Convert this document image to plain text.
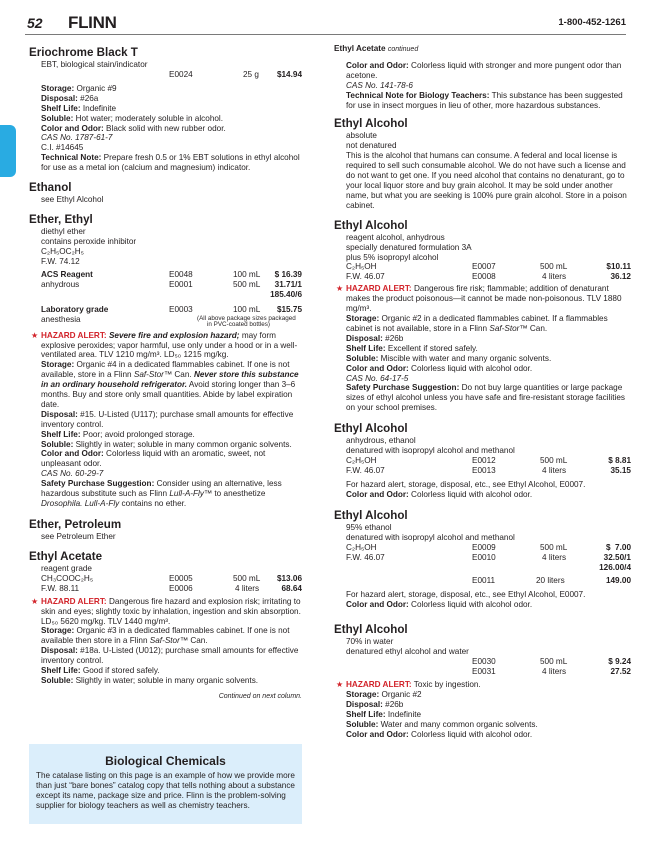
52 FLINN	1-800-452-1261
Eriochrome Black T
EBT, biological stain/indicator
E0024	25 g $14.94
Storage: Organic #9
Disposal: #26a
Shelf Life: Indefinite
Soluble: Hot water; moderately soluble in alcohol.
Color and Odor: Black solid with new rubber odor.
CAS No. 1787-61-7
C.I. #14645
Technical Note: Prepare fresh 0.5 or 1% EBT solutions in ethyl alcohol for use as a metal ion (calcium and magnesium) indicator.
Ethanol
see Ethyl Alcohol
Ether, Ethyl
diethyl ether
contains peroxide inhibitor
C₂H₅OC₂H₅
F.W. 74.12
ACS Reagent	E0048	100 mL $ 16.39
anhydrous	E0001	500 mL 31.71/1
185.40/6
Laboratory grade	E0003	100 mL $15.75
anesthesia	(All above package sizes packaged
in PVC-coated bottles)
★ HAZARD ALERT: Severe fire and explosion hazard; may form explosive peroxides; vapor harmful, use only under a hood or in a well-ventilated area. TLV 1210 mg/m³. LD₅₀ 1215 mg/kg.
Storage: Organic #4 in a dedicated flammables cabinet. If one is not available, store in a Flinn Saf-Stor™ Can. Never store this substance in an ordinary household refrigerator. Avoid storing longer than 3–6 months. Buy and store only small quantities. Abide by label expiration date.
Disposal: #15. U-Listed (U117); purchase small amounts for effective inventory control.
Shelf Life: Poor; avoid prolonged storage.
Soluble: Slightly in water; soluble in many common organic solvents.
Color and Odor: Colorless liquid with an aromatic, sweet, not unpleasant odor.
CAS No. 60-29-7
Safety Purchase Suggestion: Consider using an alternative, less hazardous substitute such as Flinn Lull-A-Fly™ to anesthetize Drosophila. Lull-A-Fly contains no ether.
Ether, Petroleum
see Petroleum Ether
Ethyl Acetate
reagent grade
CH₃COOC₂H₅	E0005	500 mL $13.06
F.W. 88.11	E0006	4 liters	68.64
★ HAZARD ALERT: Dangerous fire hazard and explosion risk; irritating to skin and eyes; slightly toxic by inhalation, ingestion and skin absorption. LD₅₀ 5620 mg/kg. TLV 1440 mg/m³.
Storage: Organic #3 in a dedicated flammables cabinet. If one is not available then store in a Flinn Saf-Stor™ Can.
Disposal: #18a. U-Listed (U012); purchase small amounts for effective inventory control.
Shelf Life: Good if stored safely.
Soluble: Slightly in water; soluble in many organic solvents.
Continued on next column.
Biological Chemicals
The catalase listing on this page is an example of how we provide more than just “bare bones” catalog copy that tells nothing about a substance except its name, package size and price. Flinn is the problem-solving supplier for biology teachers as well as chemistry teachers.
Ethyl Acetate continued
Color and Odor: Colorless liquid with stronger and more pungent odor than acetone.
CAS No. 141-78-6
Technical Note for Biology Teachers: This substance has been suggested for use in insect morgues in lieu of other, more hazardous substances.
Ethyl Alcohol
absolute
not denatured
This is the alcohol that humans can consume. A federal and local license is required to sell such consumable alcohol. We do not have such a license and do not want to get one. If you need alcohol that contains no denaturant, go to your local liquor store and buy grain alcohol. It may be sold under another name, but what you are seeking is 100% pure grain alcohol. Store in a poison cabinet.
Ethyl Alcohol
reagent alcohol, anhydrous
specially denatured formulation 3A
plus 5% isopropyl alcohol
C₂H₅OH	E0007	500 mL	$10.11
F.W. 46.07	E0008	4 liters	36.12
★ HAZARD ALERT: Dangerous fire risk; flammable; addition of denaturant makes the product poisonous—it cannot be made non-poisonous. TLV 1880 mg/m³.
Storage: Organic #2 in a dedicated flammables cabinet. If a flammables cabinet is not available, store in a Flinn Saf-Stor™ Can.
Disposal: #26b
Shelf Life: Excellent if stored safely.
Soluble: Miscible with water and many organic solvents.
Color and Odor: Colorless liquid with alcohol odor.
CAS No. 64-17-5
Safety Purchase Suggestion: Do not buy large quantities or large package sizes of ethyl alcohol unless you have safe and fire-resistant storage facilities on your school premises.
Ethyl Alcohol
anhydrous, ethanol
denatured with isopropyl alcohol and methanol
C₂H₅OH	E0012	500 mL	$ 8.81
F.W. 46.07	E0013	4 liters	35.15
For hazard alert, storage, disposal, etc., see Ethyl Alcohol, E0007.
Color and Odor: Colorless liquid with alcohol odor.
Ethyl Alcohol
95% ethanol
denatured with isopropyl alcohol and methanol
C₂H₅OH	E0009	500 mL	$  7.00
F.W. 46.07	E0010	4 liters	32.50/1
126.00/4
E0011	20 liters	149.00
For hazard alert, storage, disposal, etc., see Ethyl Alcohol, E0007.
Color and Odor: Colorless liquid with alcohol odor.
Ethyl Alcohol
70% in water
denatured ethyl alcohol and water
E0030	500 mL	$ 9.24
E0031	4 liters	27.52
★ HAZARD ALERT: Toxic by ingestion.
Storage: Organic #2
Disposal: #26b
Shelf Life: Indefinite
Soluble: Water and many common organic solvents.
Color and Odor: Colorless liquid with alcohol odor.
